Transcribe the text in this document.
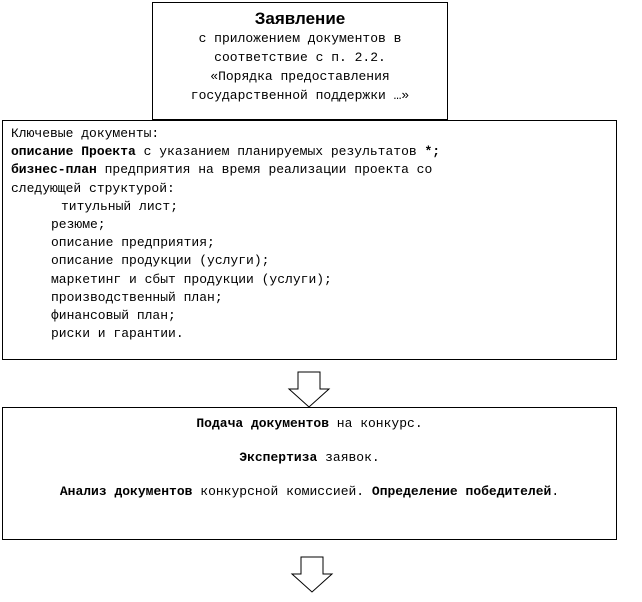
Заявление
с приложением документов в
соответствие с п. 2.2.
«Порядка предоставления
государственной поддержки …»
Ключевые документы:
описание Проекта с указанием планируемых результатов *;
бизнес-план предприятия на время реализации проекта со
следующей структурой:
титульный лист;
резюме;
описание предприятия;
описание продукции (услуги);
маркетинг и сбыт продукции (услуги);
производственный план;
финансовый план;
риски и гарантии.
Подача документов на конкурс.
Экспертиза заявок.
Анализ документов конкурсной комиссией. Определение победителей.
